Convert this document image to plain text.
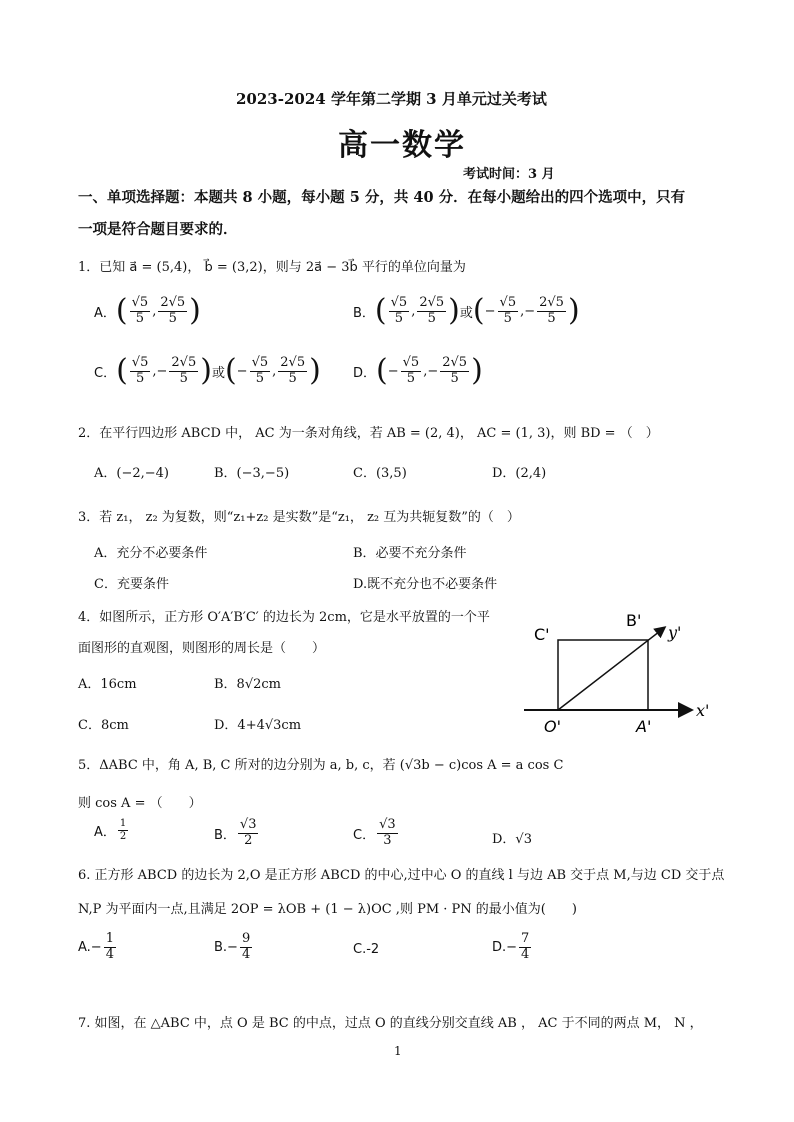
2023-2024 学年第二学期 3 月单元过关考试
高一数学
考试时间：3 月
一、单项选择题：本题共 8 小题，每小题 5 分，共 40 分．在每小题给出的四个选项中，只有
一项是符合题目要求的．
1．已知 a⃗ = (5,4)， b⃗ = (3,2)，则与 2a⃗ − 3b⃗ 平行的单位向量为
A． ( $\frac{√5}{5}$ , $\frac{2√5}{5}$ )	B． ( $\frac{√5}{5}$ , $\frac{2√5}{5}$ ) 或 ( − $\frac{√5}{5}$ ,− $\frac{2√5}{5}$ )
C． ( $\frac{√5}{5}$ ,− $\frac{2√5}{5}$ ) 或 ( − $\frac{√5}{5}$ , $\frac{2√5}{5}$ ) D． ( − $\frac{√5}{5}$ ,− $\frac{2√5}{5}$ )
2．在平行四边形 ABCD 中， AC 为一条对角线，若 AB = (2, 4)， AC = (1, 3)，则 BD = （　）
A．(−2,−4)	B．(−3,−5)	C．(3,5)	D．(2,4)
3．若 z₁， z₂ 为复数，则“z₁+z₂ 是实数”是“z₁， z₂ 互为共轭复数”的（　）
A．充分不必要条件	B．必要不充分条件
C．充要条件	D.既不充分也不必要条件
4．如图所示，正方形 O′A′B′C′ 的边长为 2cm，它是水平放置的一个平
面图形的直观图，则图形的周长是（　　）
A．16cm	B．8√2cm
C．8cm	D．4+4√3cm
C'
B'
y'
O'	A'
x'
5．ΔABC 中，角 A, B, C 所对的边分别为 a, b, c，若 (√3b − c)cos A = a cos C
则 cos A = （　　）
A． $\frac{1}{2}$	B． $\frac{√3}{2}$	C． $\frac{√3}{3}$	D．√3
6. 正方形 ABCD 的边长为 2,O 是正方形 ABCD 的中心,过中心 O 的直线 l 与边 AB 交于点 M,与边 CD 交于点
N,P 为平面内一点,且满足 2OP = λOB + (1 − λ)OC ,则 PM · PN 的最小值为(　　)
$A.- \frac{1}{4}$	$B.- \frac{9}{4}$	C.-2	$D.- \frac{7}{4}$
7. 如图，在 △ABC 中，点 O 是 BC 的中点，过点 O 的直线分别交直线 AB ， AC 于不同的两点 M， N ，
1
